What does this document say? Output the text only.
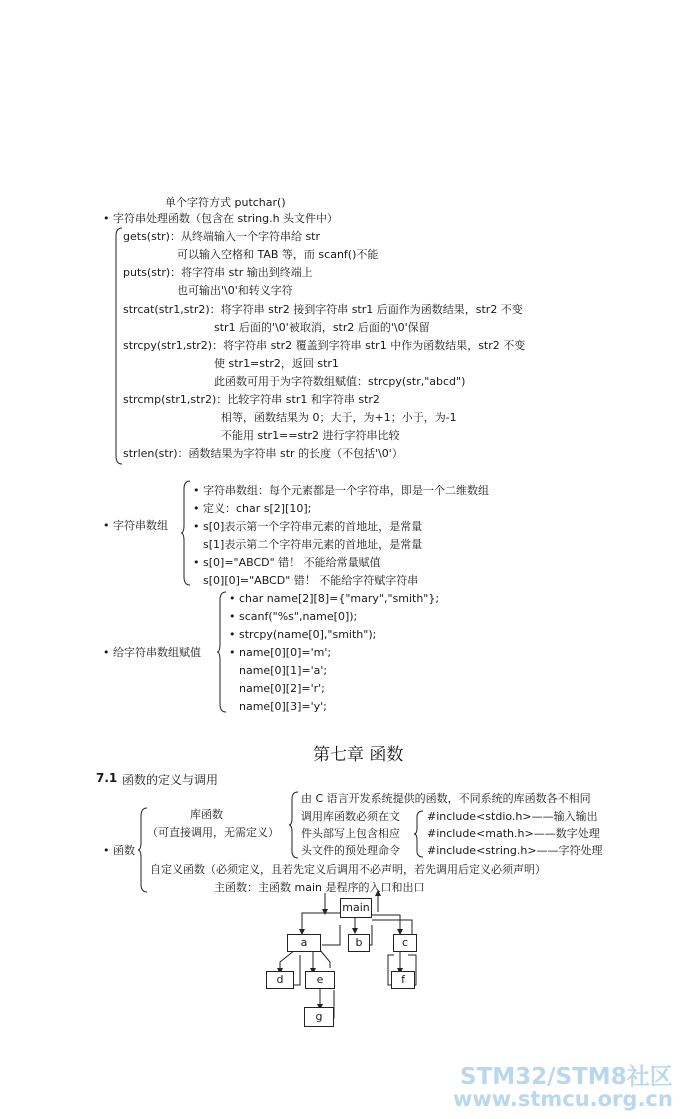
单个字符方式 putchar()
• 字符串处理函数（包含在 string.h 头文件中）
gets(str)：从终端输入一个字符串给 str
可以输入空格和 TAB 等，而 scanf()不能
puts(str)：将字符串 str 输出到终端上
也可输出'\0'和转义字符
strcat(str1,str2)：将字符串 str2 接到字符串 str1 后面作为函数结果，str2 不变
str1 后面的'\0'被取消，str2 后面的'\0'保留
strcpy(str1,str2)：将字符串 str2 覆盖到字符串 str1 中作为函数结果，str2 不变
使 str1=str2，返回 str1
此函数可用于为字符数组赋值：strcpy(str,"abcd")
strcmp(str1,str2)：比较字符串 str1 和字符串 str2
相等，函数结果为 0；大于，为+1；小于，为-1
不能用 str1==str2 进行字符串比较
strlen(str)：函数结果为字符串 str 的长度（不包括'\0'）
• 字符串数组
• 字符串数组：每个元素都是一个字符串，即是一个二维数组
• 定义：char s[2][10];
• s[0]表示第一个字符串元素的首地址，是常量
s[1]表示第二个字符串元素的首地址，是常量
• s[0]="ABCD" 错！ 不能给常量赋值
s[0][0]="ABCD" 错！ 不能给字符赋字符串
• 给字符串数组赋值
• char name[2][8]={"mary","smith"};
• scanf("%s",name[0]);
• strcpy(name[0],"smith");
• name[0][0]='m';
name[0][1]='a';
name[0][2]='r';
name[0][3]='y';
第七章 函数
7.1 函数的定义与调用
• 函数
库函数
（可直接调用，无需定义）
由 C 语言开发系统提供的函数，不同系统的库函数各不相同
调用库函数必须在文
件头部写上包含相应
头文件的预处理命令
#include<stdio.h>——输入输出
#include<math.h>——数字处理
#include<string.h>——字符处理
自定义函数（必须定义，且若先定义后调用不必声明，若先调用后定义必须声明）
主函数：主函数 main 是程序的入口和出口
main
a	b	c
d	e	f
g
STM32/STM8社区
www.stmcu.org.cn
